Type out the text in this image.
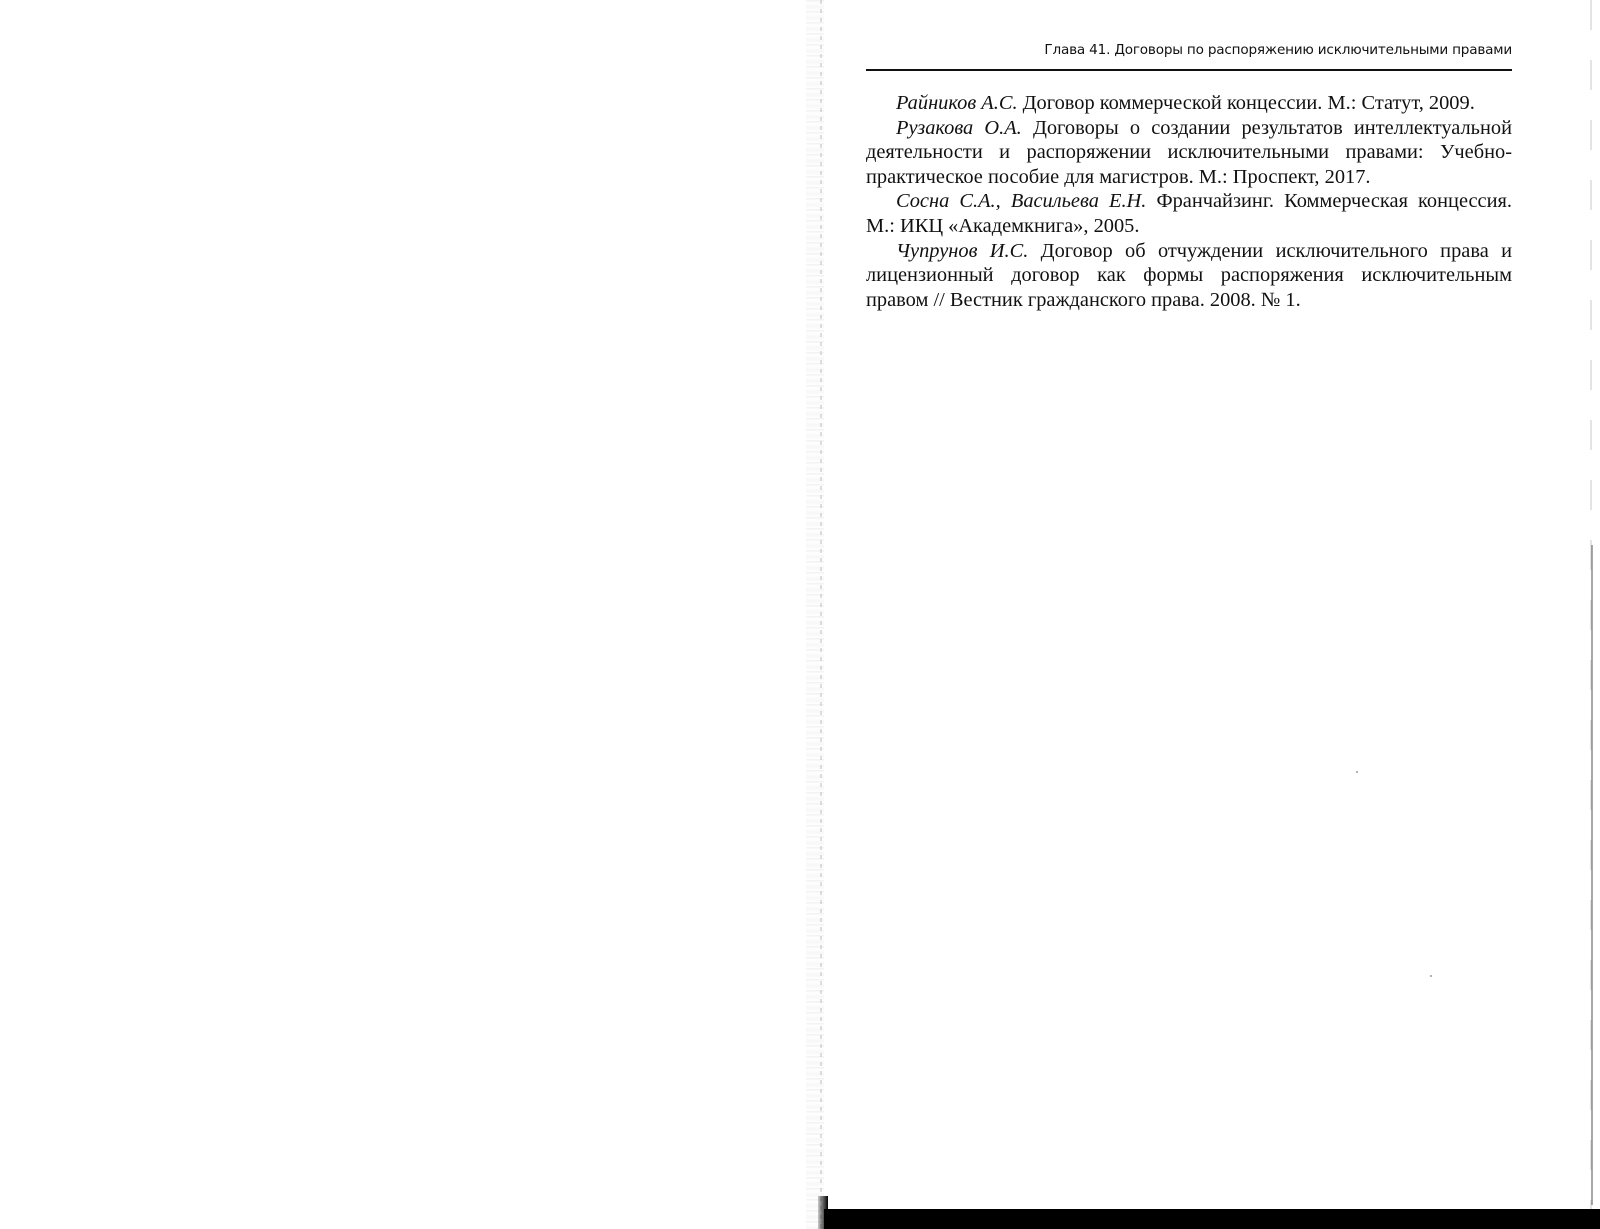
Глава 41. Договоры по распоряжению исключительными правами

Райников А.С. Договор коммерческой концессии. М.: Статут, 2009.

Рузакова О.А. Договоры о создании результатов интеллектуальной деятельности и распоряжении исключительными правами: Учебно-практическое пособие для магистров. М.: Проспект, 2017.

Сосна С.А., Васильева Е.Н. Франчайзинг. Коммерческая концессия. М.: ИКЦ «Академкнига», 2005.

Чупрунов И.С. Договор об отчуждении исключительного права и лицензионный договор как формы распоряжения исключительным правом // Вестник гражданского права. 2008. № 1.
